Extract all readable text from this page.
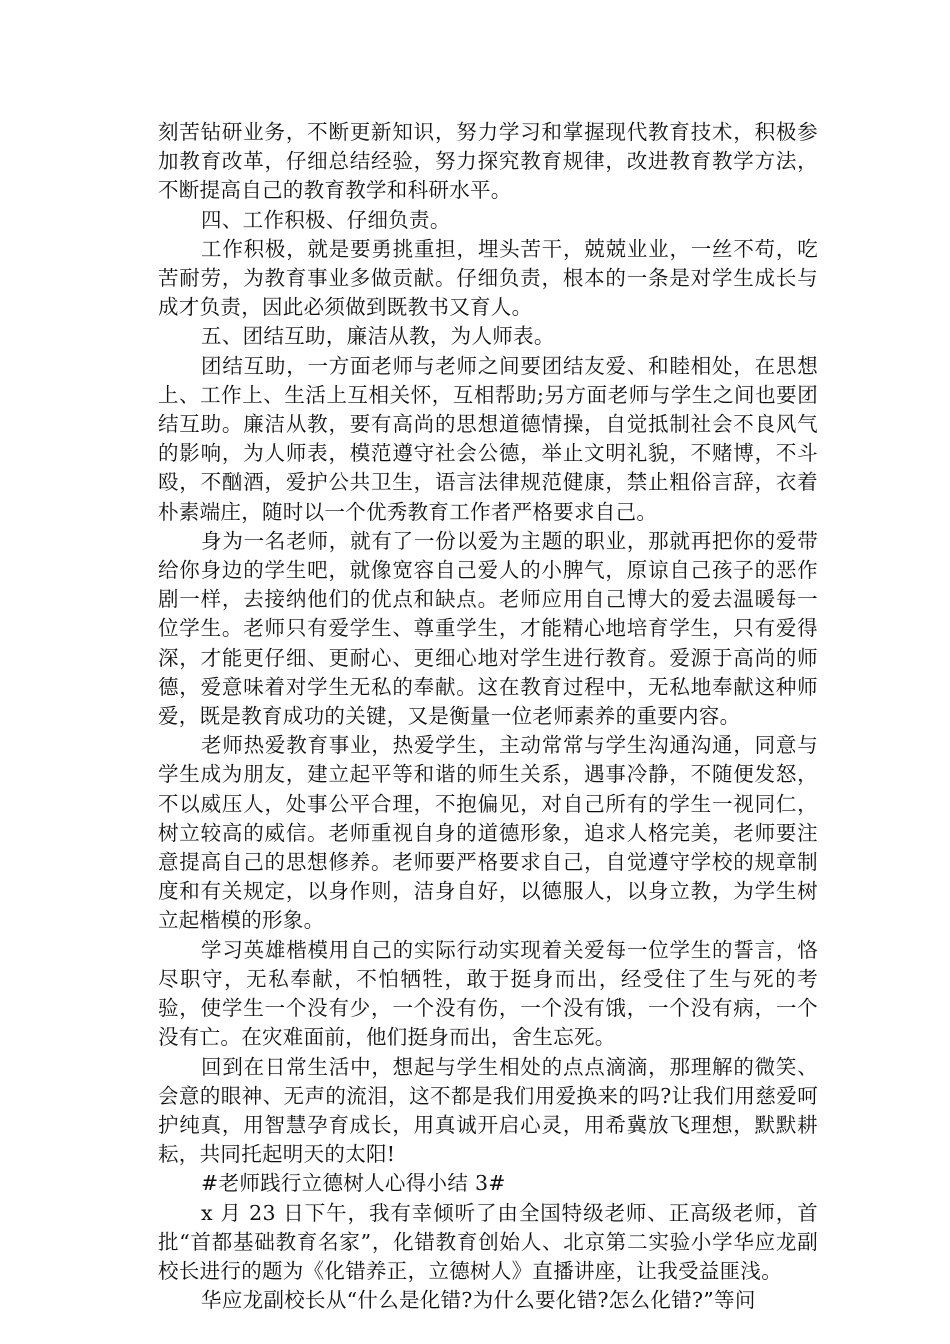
刻苦钻研业务，不断更新知识，努力学习和掌握现代教育技术，积极参加教育改革，仔细总结经验，努力探究教育规律，改进教育教学方法，不断提高自己的教育教学和科研水平。

四、工作积极、仔细负责。

工作积极，就是要勇挑重担，埋头苦干，兢兢业业，一丝不苟，吃苦耐劳，为教育事业多做贡献。仔细负责，根本的一条是对学生成长与成才负责，因此必须做到既教书又育人。

五、团结互助，廉洁从教，为人师表。

团结互助，一方面老师与老师之间要团结友爱、和睦相处，在思想上、工作上、生活上互相关怀，互相帮助;另方面老师与学生之间也要团结互助。廉洁从教，要有高尚的思想道德情操，自觉抵制社会不良风气的影响，为人师表，模范遵守社会公德，举止文明礼貌，不赌博，不斗殴，不酗酒，爱护公共卫生，语言法律规范健康，禁止粗俗言辞，衣着朴素端庄，随时以一个优秀教育工作者严格要求自己。

身为一名老师，就有了一份以爱为主题的职业，那就再把你的爱带给你身边的学生吧，就像宽容自己爱人的小脾气，原谅自己孩子的恶作剧一样，去接纳他们的优点和缺点。老师应用自己博大的爱去温暖每一位学生。老师只有爱学生、尊重学生，才能精心地培育学生，只有爱得深，才能更仔细、更耐心、更细心地对学生进行教育。爱源于高尚的师德，爱意味着对学生无私的奉献。这在教育过程中，无私地奉献这种师爱，既是教育成功的关键，又是衡量一位老师素养的重要内容。

老师热爱教育事业，热爱学生，主动常常与学生沟通沟通，同意与学生成为朋友，建立起平等和谐的师生关系，遇事冷静，不随便发怒，不以威压人，处事公平合理，不抱偏见，对自己所有的学生一视同仁，树立较高的威信。老师重视自身的道德形象，追求人格完美，老师要注意提高自己的思想修养。老师要严格要求自己，自觉遵守学校的规章制度和有关规定，以身作则，洁身自好，以德服人，以身立教，为学生树立起楷模的形象。

学习英雄楷模用自己的实际行动实现着关爱每一位学生的誓言，恪尽职守，无私奉献，不怕牺牲，敢于挺身而出，经受住了生与死的考验，使学生一个没有少，一个没有伤，一个没有饿，一个没有病，一个没有亡。在灾难面前，他们挺身而出，舍生忘死。

回到在日常生活中，想起与学生相处的点点滴滴，那理解的微笑、会意的眼神、无声的流泪，这不都是我们用爱换来的吗?让我们用慈爱呵护纯真，用智慧孕育成长，用真诚开启心灵，用希冀放飞理想，默默耕耘，共同托起明天的太阳!

#老师践行立德树人心得小结 3#

x 月 23 日下午，我有幸倾听了由全国特级老师、正高级老师，首批“首都基础教育名家”，化错教育创始人、北京第二实验小学华应龙副校长进行的题为《化错养正，立德树人》直播讲座，让我受益匪浅。

华应龙副校长从“什么是化错?为什么要化错?怎么化错?”等问
